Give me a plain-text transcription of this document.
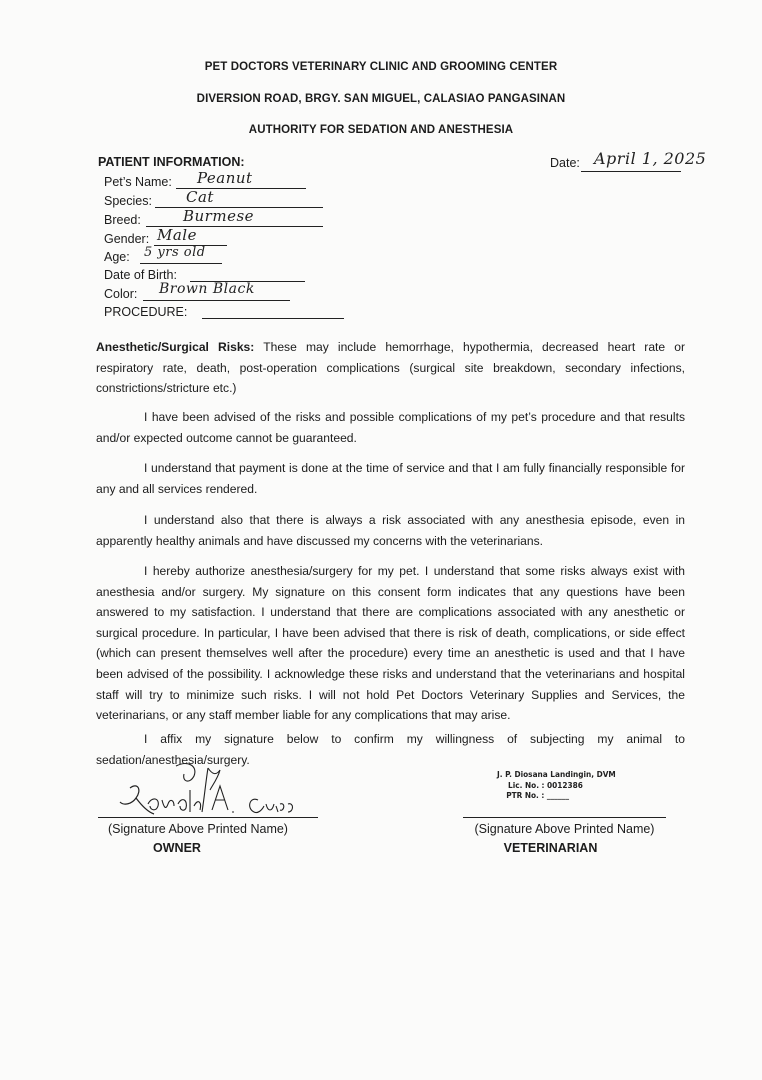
PET DOCTORS VETERINARY CLINIC AND GROOMING CENTER
DIVERSION ROAD, BRGY. SAN MIGUEL, CALASIAO PANGASINAN
AUTHORITY FOR SEDATION AND ANESTHESIA
PATIENT INFORMATION:	Date: April 1, 2025
Pet’s Name: Peanut
Species: Cat
Breed:	Burmese
Gender: Male
Age: 5 yrs old
Date of Birth:
Color: Brown Black
PROCEDURE:

Anesthetic/Surgical Risks: These may include hemorrhage, hypothermia, decreased heart rate or respiratory rate, death, post-operation complications (surgical site breakdown, secondary infections, constrictions/stricture etc.)

I have been advised of the risks and possible complications of my pet’s procedure and that results and/or expected outcome cannot be guaranteed.

I understand that payment is done at the time of service and that I am fully financially responsible for any and all services rendered.

I understand also that there is always a risk associated with any anesthesia episode, even in apparently healthy animals and have discussed my concerns with the veterinarians.

I hereby authorize anesthesia/surgery for my pet. I understand that some risks always exist with anesthesia and/or surgery. My signature on this consent form indicates that any questions have been answered to my satisfaction. I understand that there are complications associated with any anesthetic or surgical procedure. In particular, I have been advised that there is risk of death, complications, or side effect (which can present themselves well after the procedure) every time an anesthetic is used and that I have been advised of the possibility. I acknowledge these risks and understand that the veterinarians and hospital staff will try to minimize such risks. I will not hold Pet Doctors Veterinary Supplies and Services, the veterinarians, or any staff member liable for any complications that may arise.

I affix my signature below to confirm my willingness of subjecting my animal to sedation/anesthesia/surgery.

(Signature Above Printed Name)
OWNER
J. P. Diosana Landingin, DVM
Lic. No. : 0012386
PTR No. : ______
(Signature Above Printed Name)
VETERINARIAN
